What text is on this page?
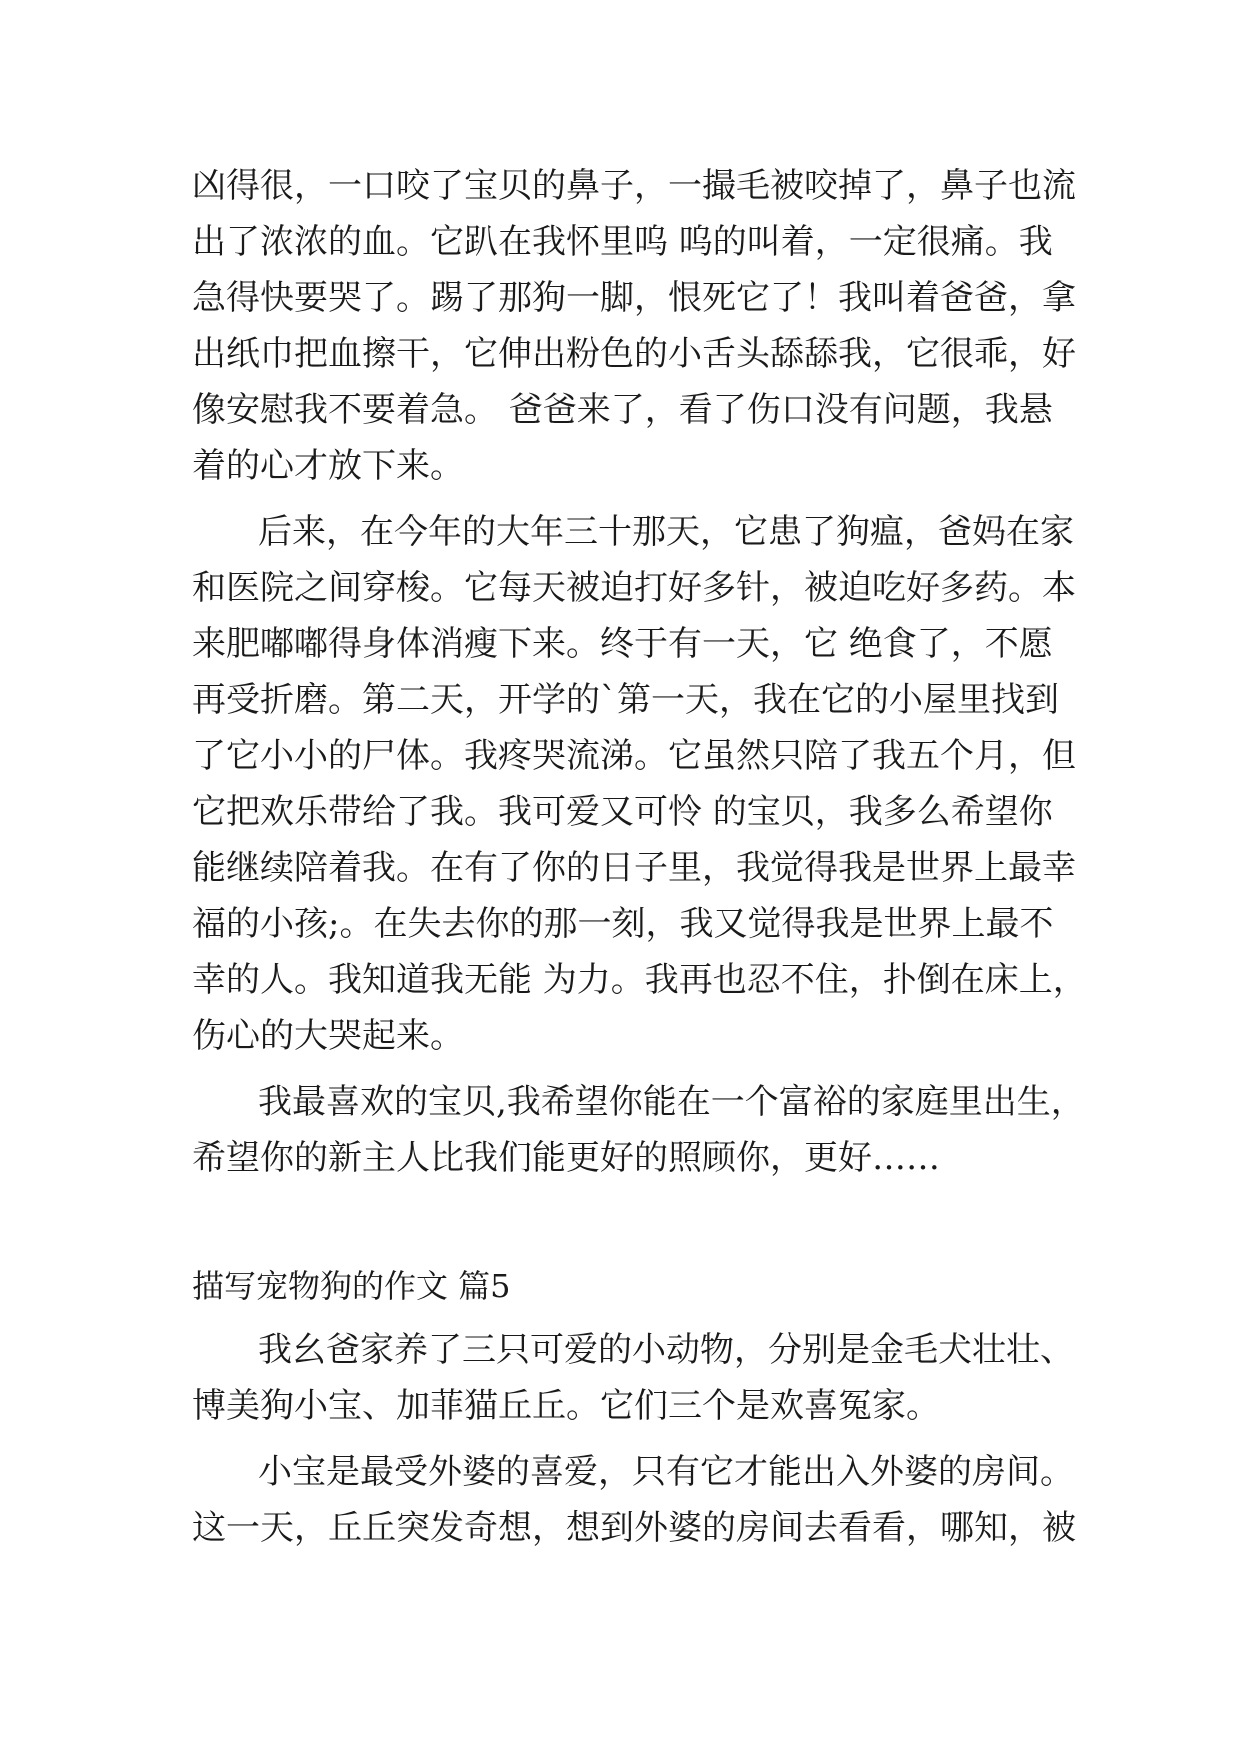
凶得很，一口咬了宝贝的鼻子，一撮毛被咬掉了，鼻子也流
出了浓浓的血。它趴在我怀里呜 呜的叫着，一定很痛。我
急得快要哭了。踢了那狗一脚，恨死它了！我叫着爸爸，拿
出纸巾把血擦干，它伸出粉色的小舌头舔舔我，它很乖，好
像安慰我不要着急。 爸爸来了，看了伤口没有问题，我悬
着的心才放下来。
后来，在今年的大年三十那天，它患了狗瘟，爸妈在家
和医院之间穿梭。它每天被迫打好多针，被迫吃好多药。本
来肥嘟嘟得身体消瘦下来。终于有一天，它 绝食了，不愿
再受折磨。第二天，开学的`第一天，我在它的小屋里找到
了它小小的尸体。我疼哭流涕。它虽然只陪了我五个月，但
它把欢乐带给了我。我可爱又可怜 的宝贝，我多么希望你
能继续陪着我。在有了你的日子里，我觉得我是世界上最幸
福的小孩;。在失去你的那一刻，我又觉得我是世界上最不
幸的人。我知道我无能 为力。我再也忍不住，扑倒在床上，
伤心的大哭起来。
我最喜欢的宝贝,我希望你能在一个富裕的家庭里出生，
希望你的新主人比我们能更好的照顾你，更好……
描写宠物狗的作文 篇5
我幺爸家养了三只可爱的小动物，分别是金毛犬壮壮、
博美狗小宝、加菲猫丘丘。它们三个是欢喜冤家。
小宝是最受外婆的喜爱，只有它才能出入外婆的房间。
这一天，丘丘突发奇想，想到外婆的房间去看看，哪知，被
